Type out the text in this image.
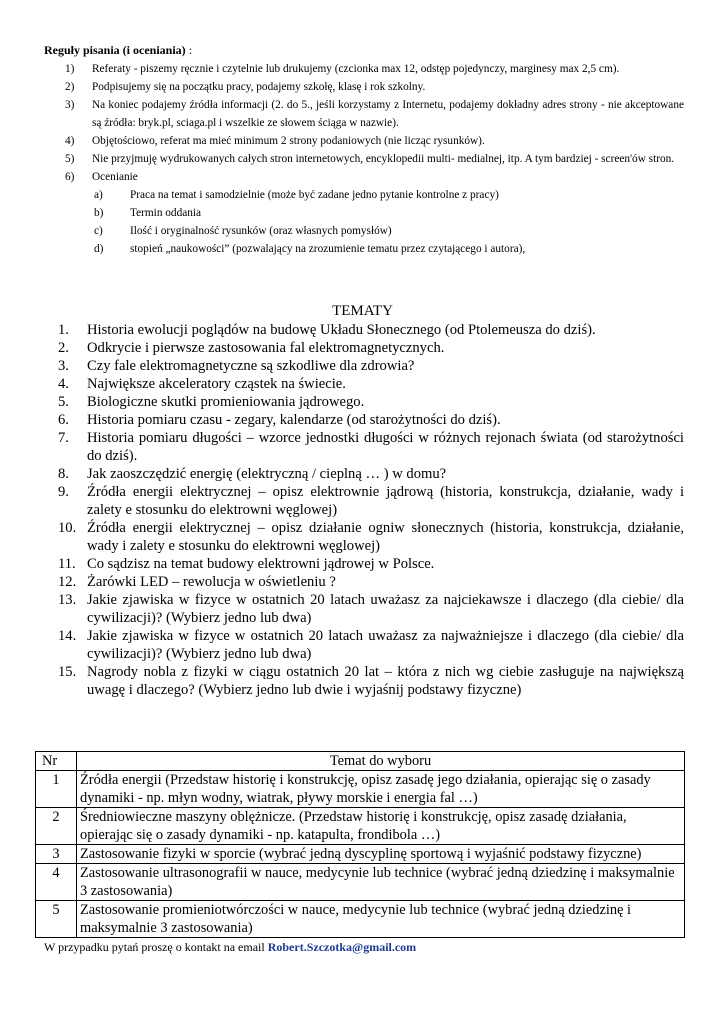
Reguły pisania (i oceniania) :
1)	Referaty - piszemy ręcznie i czytelnie lub drukujemy (czcionka max 12, odstęp pojedynczy, marginesy max 2,5 cm).
2)	Podpisujemy się na początku pracy, podajemy szkołę, klasę i rok szkolny.
3)	Na koniec podajemy źródła informacji (2. do 5., jeśli korzystamy z Internetu, podajemy dokładny adres strony - nie akceptowane są źródła: bryk.pl, sciaga.pl i wszelkie ze słowem ściąga w nazwie).
4)	Objętościowo, referat ma mieć minimum 2 strony podaniowych (nie licząc rysunków).
5)	Nie przyjmuję wydrukowanych całych stron internetowych, encyklopedii multi- medialnej, itp. A tym bardziej - screen'ów stron.
6)	Ocenianie
a)	Praca na temat i samodzielnie (może być zadane jedno pytanie kontrolne z pracy)
b)	Termin oddania
c)	Ilość i oryginalność rysunków (oraz własnych pomysłów)
d)	stopień „naukowości” (pozwalający na zrozumienie tematu przez czytającego i autora),
TEMATY
1.	Historia ewolucji poglądów na budowę Układu Słonecznego (od Ptolemeusza do dziś).
2.	Odkrycie i pierwsze zastosowania fal elektromagnetycznych.
3.	Czy fale elektromagnetyczne są szkodliwe dla zdrowia?
4.	Największe akceleratory cząstek na świecie.
5.	Biologiczne skutki promieniowania jądrowego.
6.	Historia pomiaru czasu - zegary, kalendarze (od starożytności do dziś).
7.	Historia pomiaru długości – wzorce jednostki długości w różnych rejonach świata (od starożytności do dziś).
8.	Jak zaoszczędzić energię (elektryczną / cieplną … ) w domu?
9.	Źródła energii elektrycznej – opisz elektrownie jądrową (historia, konstrukcja, działanie, wady i zalety e stosunku do elektrowni węglowej)
10. Źródła energii elektrycznej – opisz działanie ogniw słonecznych (historia, konstrukcja, działanie, wady i zalety e stosunku do elektrowni węglowej)
11. Co sądzisz na temat budowy elektrowni jądrowej w Polsce.
12. Żarówki LED – rewolucja w oświetleniu ?
13. Jakie zjawiska w fizyce w ostatnich 20 latach uważasz za najciekawsze i dlaczego (dla ciebie/ dla cywilizacji)? (Wybierz jedno lub dwa)
14. Jakie zjawiska w fizyce w ostatnich 20 latach uważasz za najważniejsze i dlaczego (dla ciebie/ dla cywilizacji)? (Wybierz jedno lub dwa)
15. Nagrody nobla z fizyki w ciągu ostatnich 20 lat – która z nich wg ciebie zasługuje na największą uwagę i dlaczego? (Wybierz jedno lub dwie i wyjaśnij podstawy fizyczne)
Nr	Temat do wyboru
1	Źródła energii (Przedstaw historię i konstrukcję, opisz zasadę jego działania, opierając się o zasady dynamiki - np. młyn wodny, wiatrak, pływy morskie i energia fal …)
2	Średniowieczne maszyny oblężnicze. (Przedstaw historię i konstrukcję, opisz zasadę działania, opierając się o zasady dynamiki - np. katapulta, frondibola …)
3	Zastosowanie fizyki w sporcie (wybrać jedną dyscyplinę sportową i wyjaśnić podstawy fizyczne)
4	Zastosowanie ultrasonografii w nauce, medycynie lub technice (wybrać jedną dziedzinę i maksymalnie 3 zastosowania)
5	Zastosowanie promieniotwórczości w nauce, medycynie lub technice (wybrać jedną dziedzinę i maksymalnie 3 zastosowania)
W przypadku pytań proszę o kontakt na email Robert.Szczotka@gmail.com
